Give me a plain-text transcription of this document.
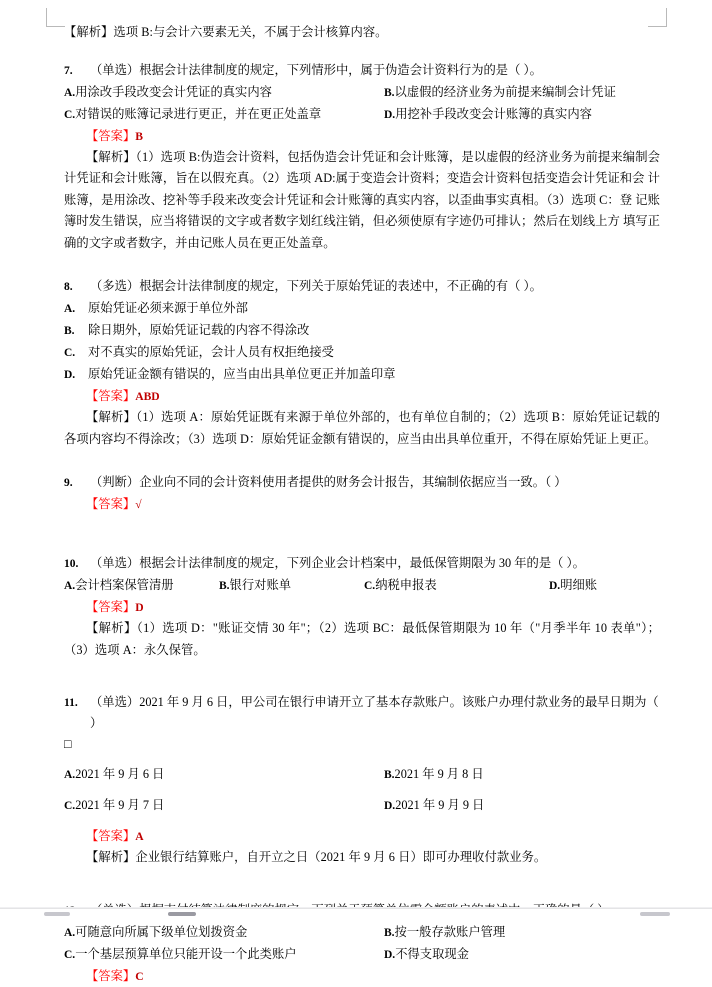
【解析】选项 B:与会计六要素无关，不属于会计核算内容。
7.	（单选）根据会计法律制度的规定，下列情形中，属于伪造会计资料行为的是（ ）。
A.用涂改手段改变会计凭证的真实内容	B.以虚假的经济业务为前提来编制会计凭证
C.对错误的账簿记录进行更正，并在更正处盖章	D.用挖补手段改变会计账簿的真实内容
【答案】B
【解析】（1）选项 B:伪造会计资料，包括伪造会计凭证和会计账簿，是以虚假的经济业务为前提来编制会 计凭证和会计账簿，旨在以假充真。（2）选项 AD:属于变造会计资料；变造会计资料包括变造会计凭证和会 计账簿，是用涂改、挖补等手段来改变会计凭证和会计账簿的真实内容，以歪曲事实真相。（3）选项 C：登 记账簿时发生错误，应当将错误的文字或者数字划红线注销，但必须使原有字迹仍可排认；然后在划线上方 填写正确的文字或者数字，并由记账人员在更正处盖章。
8.	（多选）根据会计法律制度的规定，下列关于原始凭证的表述中，不正确的有（ ）。
A.	原始凭证必须来源于单位外部
B.	除日期外，原始凭证记载的内容不得涂改
C.	对不真实的原始凭证，会计人员有权拒绝接受
D.	原始凭证金额有错误的，应当由出具单位更正并加盖印章
【答案】ABD
【解析】（1）选项 A：原始凭证既有来源于单位外部的，也有单位自制的；（2）选项 B：原始凭证记载的各项内容均不得涂改；（3）选项 D：原始凭证金额有错误的，应当由出具单位重开，不得在原始凭证上更正。
9.	（判断）企业向不同的会计资料使用者提供的财务会计报告，其编制依据应当一致。（ ）
【答案】√
10. （单选）根据会计法律制度的规定，下列企业会计档案中，最低保管期限为 30 年的是（ ）。
A.会计档案保管清册	B.银行对账单	C.纳税申报表	D.明细账
【答案】D
【解析】（1）选项 D："账证交情 30 年"；（2）选项 BC：最低保管期限为 10 年（"月季半年 10 表单"）；（3）选项 A：永久保管。
11. （单选）2021 年 9 月 6 日，甲公司在银行申请开立了基本存款账户。该账户办理付款业务的最早日期为（ ）
□
A.2021 年 9 月 6 日	B.2021 年 9 月 8 日
C.2021 年 9 月 7 日	D.2021 年 9 月 9 日
【答案】A
【解析】企业银行结算账户，自开立之日（2021 年 9 月 6 日）即可办理收付款业务。
A.可随意向所属下级单位划拨资金	B.按一般存款账户管理
C.一个基层预算单位只能开设一个此类账户	D.不得支取现金
【答案】C
